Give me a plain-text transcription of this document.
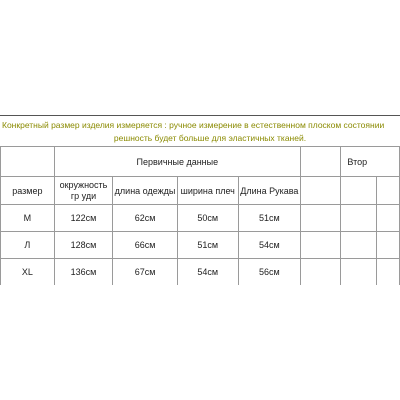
Конкретный размер изделия измеряется : ручное измерение в естественном плоском состоянии
решность будет больше для эластичных тканей.
	Первичные данные					Втор	
размер	окружность гр уди	длина одежды	ширина плеч	Длина Рукава			
M	122см	62см	50см	51см			
Л	128см	66см	51см	54см			
XL	136см	67см	54см	56см			
